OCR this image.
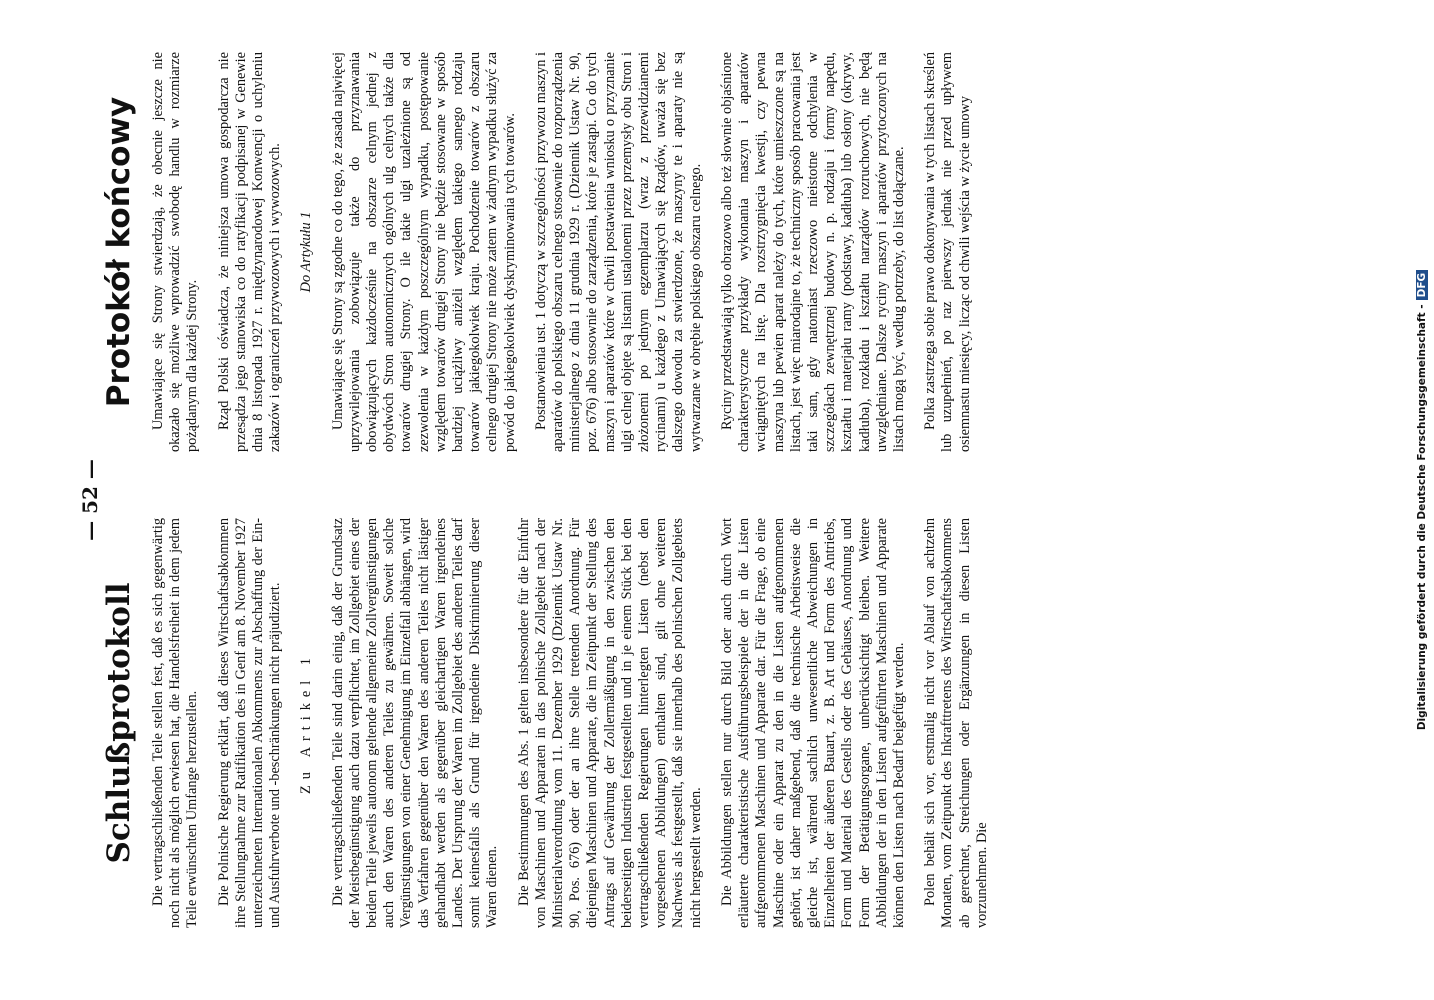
— 52 —
Schlußprotokoll
Protokół końcowy

Die vertragschließenden Teile stellen fest, daß es sich gegenwärtig noch nicht als möglich erwiesen hat, die Handelsfreiheit in dem jedem Teile erwünschten Umfange herzustellen. Die Polnische Regierung erklärt, daß dieses Wirtschaftsabkommen ihre Stellungnahme zur Ratifikation des in Genf am 8. November 1927 unterzeichneten Internationalen Abkommens zur Abschaffung der Ein- und Ausfuhrverbote und -beschränkungen nicht präjudiziert. Zu Artikel 1 Die vertragschließenden Teile sind darin einig, daß der Grundsatz der Meistbegünstigung auch dazu verpflichtet, im Zollgebiet eines der beiden Teile jeweils autonom geltende allgemeine Zollvergünstigungen auch den Waren des anderen Teiles zu gewähren. Soweit solche Vergünstigungen von einer Genehmigung im Einzelfall abhängen, wird das Verfahren gegenüber den Waren des anderen Teiles nicht lästiger gehandhabt werden als gegenüber gleichartigen Waren irgendeines Landes. Der Ursprung der Waren im Zollgebiet des anderen Teiles darf somit keinesfalls als Grund für irgendeine Diskriminierung dieser Waren dienen. Die Bestimmungen des Abs. 1 gelten insbesondere für die Einfuhr von Maschinen und Apparaten in das polnische Zollgebiet nach der Ministerialverordnung vom 11. Dezember 1929 (Dziennik Ustaw Nr. 90, Pos. 676) oder der an ihre Stelle tretenden Anordnung. Für diejenigen Maschinen und Apparate, die im Zeitpunkt der Stellung des Antrags auf Gewährung der Zollermäßigung in den zwischen den beiderseitigen Industrien festgestellten und in je einem Stück bei den vertragschließenden Regierungen hinterlegten Listen (nebst den vorgesehenen Abbildungen) enthalten sind, gilt ohne weiteren Nachweis als festgestellt, daß sie innerhalb des polnischen Zollgebiets nicht hergestellt werden. Die Abbildungen stellen nur durch Bild oder auch durch Wort erläuterte charakteristische Ausführungsbeispiele der in die Listen aufgenommenen Maschinen und Apparate dar. Für die Frage, ob eine Maschine oder ein Apparat zu den in die Listen aufgenommenen gehört, ist daher maßgebend, daß die technische Arbeitsweise die gleiche ist, während sachlich unwesentliche Abweichungen in Einzelheiten der äußeren Bauart, z. B. Art und Form des Antriebs, Form und Material des Gestells oder des Gehäuses, Anordnung und Form der Betätigungsorgane, unberücksichtigt bleiben. Weitere Abbildungen der in den Listen aufgeführten Maschinen und Apparate können den Listen nach Bedarf beigefügt werden. Polen behält sich vor, erstmalig nicht vor Ablauf von achtzehn Monaten, vom Zeitpunkt des Inkrafttretens des Wirtschaftsabkommens ab gerechnet, Streichungen oder Ergänzungen in diesen Listen vorzunehmen. Die

Umawiające się Strony stwierdzają, że obecnie jeszcze nie okazało się możliwe wprowadzić swobodę handlu w rozmiarze pożądanym dla każdej Strony. Rząd Polski oświadcza, że niniejsza umowa gospodarcza nie przesądza jego stanowiska co do ratyfikacji podpisanej w Genewie dnia 8 listopada 1927 r. międzynarodowej Konwencji o uchyleniu zakazów i ograniczeń przywozowych i wywozowych. Do Artykułu 1 Umawiające się Strony są zgodne co do tego, że zasada najwięcej uprzywilejowania zobowiązuje także do przyznawania obowiązujących każdocześnie na obszarze celnym jednej z obydwóch Stron autonomicznych ogólnych ulg celnych także dla towarów drugiej Strony. O ile takie ulgi uzależnione są od zezwolenia w każdym poszczególnym wypadku, postępowanie względem towarów drugiej Strony nie będzie stosowane w sposób bardziej uciążliwy aniżeli względem takiego samego rodzaju towarów jakiegokolwiek kraju. Pochodzenie towarów z obszaru celnego drugiej Strony nie może zatem w żadnym wypadku służyć za powód do jakiegokolwiek dyskryminowania tych towarów. Postanowienia ust. 1 dotyczą w szczególności przywozu maszyn i aparatów do polskiego obszaru celnego stosownie do rozporządzenia ministerjalnego z dnia 11 grudnia 1929 r. (Dziennik Ustaw Nr. 90, poz. 676) albo stosownie do zarządzenia, które je zastąpi. Co do tych maszyn i aparatów które w chwili postawienia wniosku o przyznanie ulgi celnej objęte są listami ustalonemi przez przemysły obu Stron i złożonemi po jednym egzemplarzu (wraz z przewidzianemi rycinami) u każdego z Umawiających się Rządów, uważa się bez dalszego dowodu za stwierdzone, że maszyny te i aparaty nie są wytwarzane w obrębie polskiego obszaru celnego. Ryciny przedstawiają tylko obrazowo albo też słownie objaśnione charakterystyczne przykłady wykonania maszyn i aparatów wciągniętych na listę. Dla rozstrzygnięcia kwestji, czy pewna maszyna lub pewien aparat należy do tych, które umieszczone są na listach, jest więc miarodajne to, że techniczny sposób pracowania jest taki sam, gdy natomiast rzeczowo nieistotne odchylenia w szczegółach zewnętrznej budowy n. p. rodzaju i formy napędu, kształtu i materjału ramy (podstawy, kadłuba) lub osłony (okrywy, kadłuba), rozkładu i kształtu narządów rozruchowych, nie będą uwzględniane. Dalsze ryciny maszyn i aparatów przytoczonych na listach mogą być, według potrzeby, do list dołączane. Polka zastrzega sobie prawo dokonywania w tych listach skreśleń lub uzupełnień, po raz pierwszy jednak nie przed upływem osiemnastu miesięcy, licząc od chwili wejścia w życie umowy

Digitalisierung gefördert durch die Deutsche Forschungsgemeinschaft -DFG
